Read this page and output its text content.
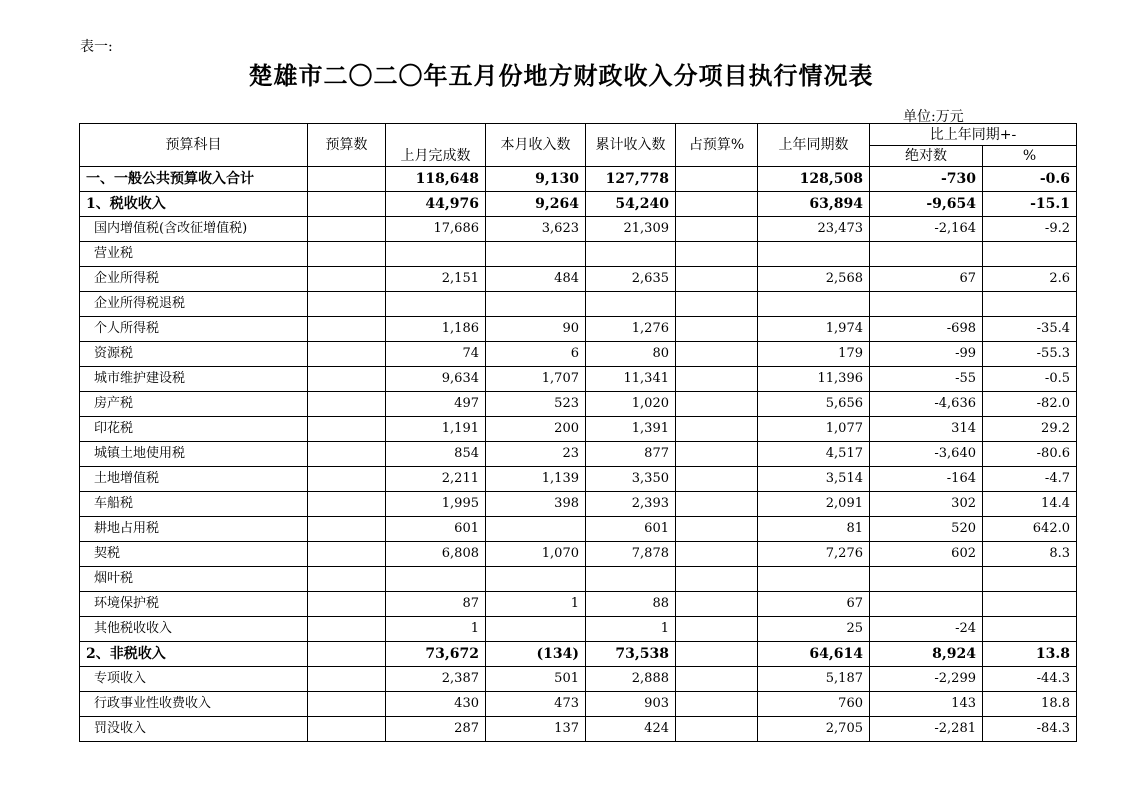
表一:
楚雄市二〇二〇年五月份地方财政收入分项目执行情况表
单位:万元
预算科目	预算数	上月完成数	本月收入数	累计收入数	占预算%	上年同期数	比上年同期+-	
							绝对数	%
一、一般公共预算收入合计		118,648	9,130	127,778		128,508	-730	-0.6
1、税收收入		44,976	9,264	54,240		63,894	-9,654	-15.1
国内增值税(含改征增值税)		17,686	3,623	21,309		23,473	-2,164	-9.2
营业税								
企业所得税		2,151	484	2,635		2,568	67	2.6
企业所得税退税								
个人所得税		1,186	90	1,276		1,974	-698	-35.4
资源税		74	6	80		179	-99	-55.3
城市维护建设税		9,634	1,707	11,341		11,396	-55	-0.5
房产税		497	523	1,020		5,656	-4,636	-82.0
印花税		1,191	200	1,391		1,077	314	29.2
城镇土地使用税		854	23	877		4,517	-3,640	-80.6
土地增值税		2,211	1,139	3,350		3,514	-164	-4.7
车船税		1,995	398	2,393		2,091	302	14.4
耕地占用税		601		601		81	520	642.0
契税		6,808	1,070	7,878		7,276	602	8.3
烟叶税								
环境保护税		87	1	88		67		
其他税收收入		1		1		25	-24	
2、非税收入		73,672	(134)	73,538		64,614	8,924	13.8
专项收入		2,387	501	2,888		5,187	-2,299	-44.3
行政事业性收费收入		430	473	903		760	143	18.8
罚没收入		287	137	424		2,705	-2,281	-84.3
